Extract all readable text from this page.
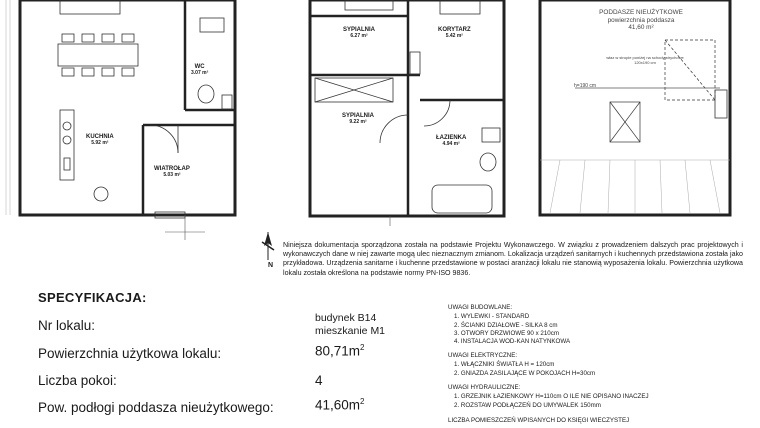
WC
3.07 m²
KUCHNIA
5.92 m²
WIATROŁAP
5.03 m²
SYPIALNIA
6.27 m²
KORYTARZ
5.42 m²
SYPIALNIA
9.22 m²
ŁAZIENKA
4.94 m²
PODDASZE NIEUŻYTKOWE
powierzchnia poddasza
41,60 m²
właz w stropie poniżej na schody strychowe
120x190 cm
h=190 cm
N
Niniejsza dokumentacja sporządzona została na podstawie Projektu Wykonawczego. W związku z prowadzeniem dalszych prac projektowych i wykonawczych dane w niej zawarte mogą ulec nieznacznym zmianom. Lokalizacja urządzeń sanitarnych i kuchennych przedstawiona została jako przykładowa. Urządzenia sanitarne i kuchenne przedstawione w postaci aranżacji lokalu nie stanowią wyposażenia lokalu. Powierzchnia użytkowa lokalu została określona na podstawie normy PN-ISO 9836.
SPECYFIKACJA:
Nr lokalu:	budynek B14
mieszkanie M1
Powierzchnia użytkowa lokalu:	$80,71m^2$
Liczba pokoi:	4
Pow. podłogi poddasza nieużytkowego:	$41,60m^2$
UWAGI BUDOWLANE:
1. WYLEWKI - STANDARD
2. ŚCIANKI DZIAŁOWE - SILKA 8 cm
3. OTWORY DRZWIOWE 90 x 210cm
4. INSTALACJA WOD-KAN NATYNKOWA
UWAGI ELEKTRYCZNE:
1. WŁĄCZNIKI ŚWIATŁA H = 120cm
2. GNIAZDA ZASILAJĄCE W POKOJACH H=30cm
UWAGI HYDRAULICZNE:
1. GRZEJNIK ŁAZIENKOWY H=110cm O ILE NIE OPISANO INACZEJ
2. ROZSTAW PODŁĄCZEŃ DO UMYWALEK 150mm
LICZBA POMIESZCZEŃ WPISANYCH DO KSIĘGI WIECZYSTEJ
